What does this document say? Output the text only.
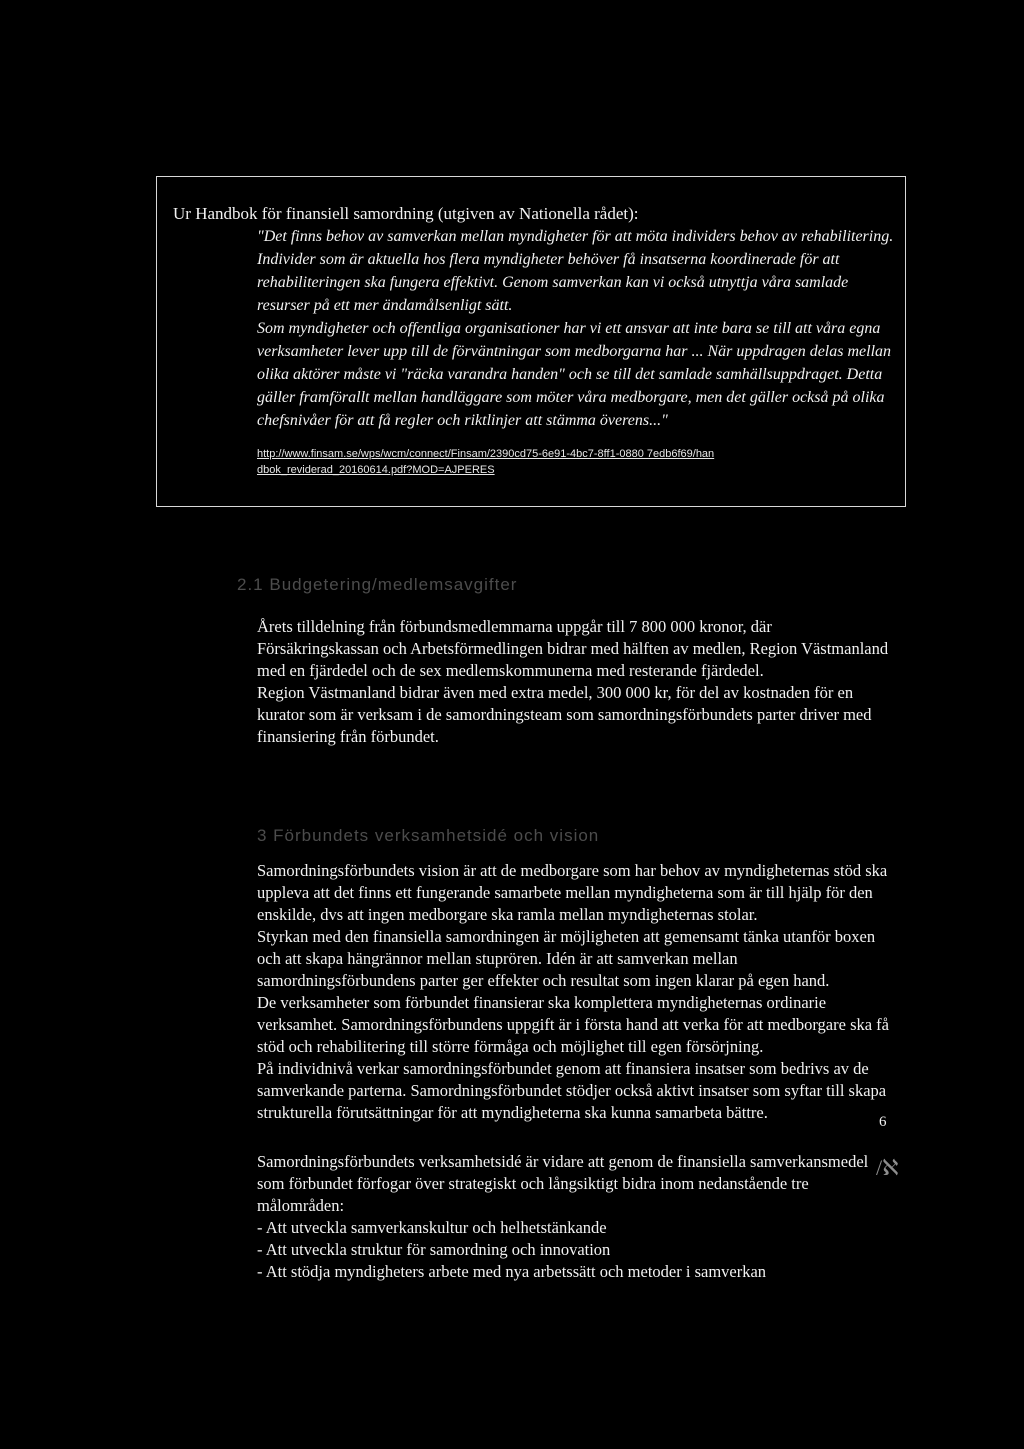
Ur Handbok för finansiell samordning (utgiven av Nationella rådet):

"Det finns behov av samverkan mellan myndigheter för att möta individers behov av rehabilitering. Individer som är aktuella hos flera myndigheter behöver få insatserna koordinerade för att rehabiliteringen ska fungera effektivt. Genom samverkan kan vi också utnyttja våra samlade resurser på ett mer ändamålsenligt sätt.

Som myndigheter och offentliga organisationer har vi ett ansvar att inte bara se till att våra egna verksamheter lever upp till de förväntningar som medborgarna har ... När uppdragen delas mellan olika aktörer måste vi "räcka varandra handen" och se till det samlade samhällsuppdraget. Detta gäller framförallt mellan handläggare som möter våra medborgare, men det gäller också på olika chefsnivåer för att få regler och riktlinjer att stämma överens..."

http://www.finsam.se/wps/wcm/connect/Finsam/2390cd75-6e91-4bc7-8ff1-0880 7edb6f69/handbok_reviderad_20160614.pdf?MOD=AJPERES
2.1 Budgetering/medlemsavgifter

Årets tilldelning från förbundsmedlemmarna uppgår till 7 800 000 kronor, där Försäkringskassan och Arbetsförmedlingen bidrar med hälften av medlen, Region Västmanland med en fjärdedel och de sex medlemskommunerna med resterande fjärdedel.

Region Västmanland bidrar även med extra medel, 300 000 kr, för del av kostnaden för en kurator som är verksam i de samordningsteam som samordningsförbundets parter driver med finansiering från förbundet.

3 Förbundets verksamhetsidé och vision

Samordningsförbundets vision är att de medborgare som har behov av myndigheternas stöd ska uppleva att det finns ett fungerande samarbete mellan myndigheterna som är till hjälp för den enskilde, dvs att ingen medborgare ska ramla mellan myndigheternas stolar.

Styrkan med den finansiella samordningen är möjligheten att gemensamt tänka utanför boxen och att skapa hängrännor mellan stuprören. Idén är att samverkan mellan samordningsförbundens parter ger effekter och resultat som ingen klarar på egen hand.

De verksamheter som förbundet finansierar ska komplettera myndigheternas ordinarie verksamhet. Samordningsförbundens uppgift är i första hand att verka för att medborgare ska få stöd och rehabilitering till större förmåga och möjlighet till egen försörjning.

På individnivå verkar samordningsförbundet genom att finansiera insatser som bedrivs av de samverkande parterna. Samordningsförbundet stödjer också aktivt insatser som syftar till skapa strukturella förutsättningar för att myndigheterna ska kunna samarbeta bättre.

Samordningsförbundets verksamhetsidé är vidare att genom de finansiella samverkansmedel som förbundet förfogar över strategiskt och långsiktigt bidra inom nedanstående tre målområden:

- Att utveckla samverkanskultur och helhetstänkande

- Att utveckla struktur för samordning och innovation

- Att stödja myndigheters arbete med nya arbetssätt och metoder i samverkan

6
/ℵ
